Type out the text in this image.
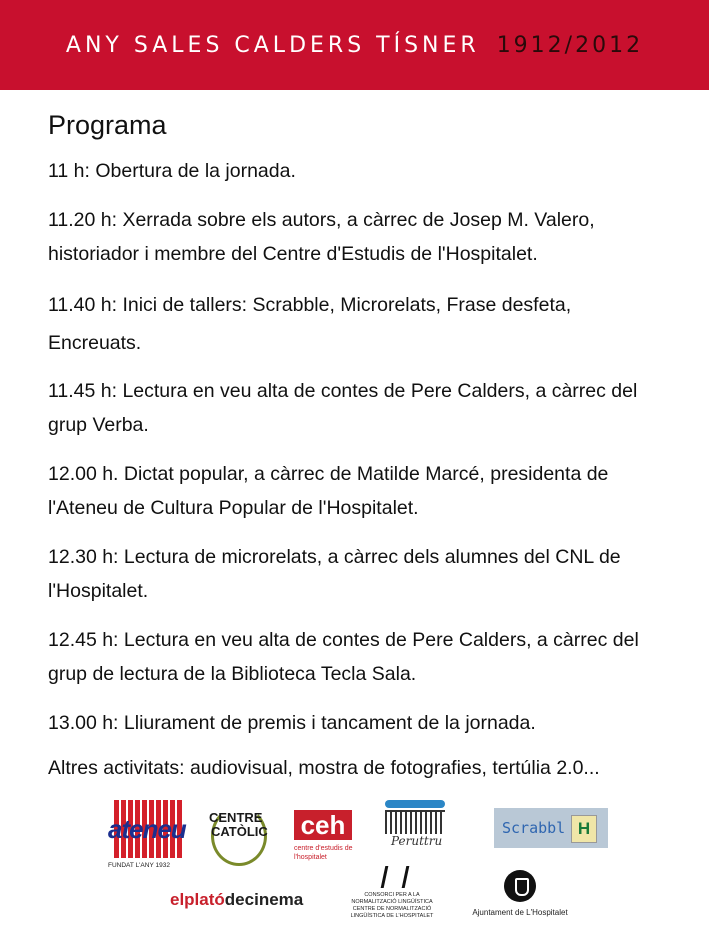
ANY SALES CALDERS TÍSNER 1912/2012
Programa

11 h: Obertura de la jornada.

11.20 h: Xerrada sobre els autors, a càrrec de Josep M. Valero, historiador i membre del Centre d'Estudis de l'Hospitalet.

11.40 h: Inici de tallers: Scrabble, Microrelats, Frase desfeta, Encreuats.

11.45 h: Lectura en veu alta de contes de Pere Calders, a càrrec del grup Verba.

12.00 h. Dictat popular, a càrrec de Matilde Marcé, presidenta de l'Ateneu de Cultura Popular de l'Hospitalet.

12.30 h: Lectura de microrelats, a càrrec dels alumnes del CNL de l'Hospitalet.

12.45 h: Lectura en veu alta de contes de Pere Calders, a càrrec del grup de lectura de la Biblioteca Tecla Sala.

13.00 h: Lliurament de premis i tancament de la jornada.

Altres activitats: audiovisual, mostra de fotografies, tertúlia 2.0...
ateneu
FUNDAT L'ANY 1932
CENTRE
CATÒLIC ceh
centre d'estudis de l'hospitalet
Peruttru
Scrabbl H
elplatódecinema	CONSORCI PER A LA NORMALITZACIÓ LINGÜÍSTICA CENTRE DE NORMALITZACIÓ LINGÜÍSTICA DE L'HOSPITALET	Ajuntament de L'Hospitalet
